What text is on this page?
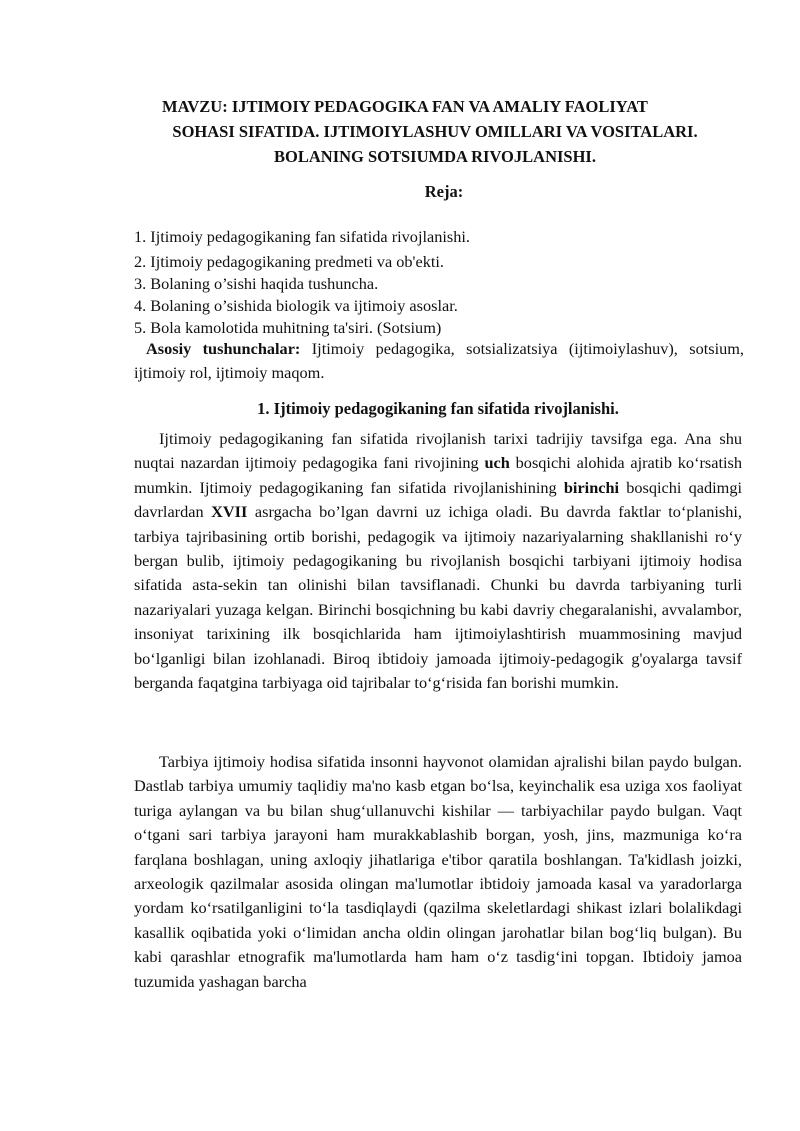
MAVZU: IJTIMOIY PEDAGOGIKA FAN VA AMALIY FAOLIYAT
SOHASI SIFATIDA. IJTIMOIYLASHUV OMILLARI VA VOSITALARI.
BOLANING SOTSIUMDA RIVOJLANISHI.

Reja:

1. Ijtimoiy pedagogikaning fan sifatida rivojlanishi.
2. Ijtimoiy pedagogikaning predmeti va ob'ekti.
3. Bolaning o’sishi haqida tushuncha.
4. Bolaning o’sishida biologik va ijtimoiy asoslar.
5. Bola kamolotida muhitning ta'siri. (Sotsium)

Asosiy tushunchalar: Ijtimoiy pedagogika, sotsializatsiya (ijtimoiylashuv), sotsium, ijtimoiy rol, ijtimoiy maqom.

1. Ijtimoiy pedagogikaning fan sifatida rivojlanishi.

Ijtimoiy pedagogikaning fan sifatida rivojlanish tarixi tadrijiy tavsifga ega. Ana shu nuqtai nazardan ijtimoiy pedagogika fani rivojining uch bosqichi alohida ajratib ko‘rsatish mumkin. Ijtimoiy pedagogikaning fan sifatida rivojlanishining birinchi bosqichi qadimgi davrlardan XVII asrgacha bo’lgan davrni uz ichiga oladi. Bu davrda faktlar to‘planishi, tarbiya tajribasining ortib borishi, pedagogik va ijtimoiy nazariyalarning shakllanishi ro‘y bergan bulib, ijtimoiy pedagogikaning bu rivojlanish bosqichi tarbiyani ijtimoiy hodisa sifatida asta-sekin tan olinishi bilan tavsiflanadi. Chunki bu davrda tarbiyaning turli nazariyalari yuzaga kelgan. Birinchi bosqichning bu kabi davriy chegaralanishi, avvalambor, insoniyat tarixining ilk bosqichlarida ham ijtimoiylashtirish muammosining mavjud bo‘lganligi bilan izohlanadi. Biroq ibtidoiy jamoada ijtimoiy-pedagogik g'oyalarga tavsif berganda faqatgina tarbiyaga oid tajribalar to‘g‘risida fan borishi mumkin.

Tarbiya ijtimoiy hodisa sifatida insonni hayvonot olamidan ajralishi bilan paydo bulgan. Dastlab tarbiya umumiy taqlidiy ma'no kasb etgan bo‘lsa, keyinchalik esa uziga xos faoliyat turiga aylangan va bu bilan shug‘ullanuvchi kishilar — tarbiyachilar paydo bulgan. Vaqt o‘tgani sari tarbiya jarayoni ham murakkablashib borgan, yosh, jins, mazmuniga ko‘ra farqlana boshlagan, uning axloqiy jihatlariga e'tibor qaratila boshlangan. Ta'kidlash joizki, arxeologik qazilmalar asosida olingan ma'lumotlar ibtidoiy jamoada kasal va yaradorlarga yordam ko‘rsatilganligini to‘la tasdiqlaydi (qazilma skeletlardagi shikast izlari bolalikdagi kasallik oqibatida yoki o‘limidan ancha oldin olingan jarohatlar bilan bog‘liq bulgan). Bu kabi qarashlar etnografik ma'lumotlarda ham ham o‘z tasdig‘ini topgan. Ibtidoiy jamoa tuzumida yashagan barcha
